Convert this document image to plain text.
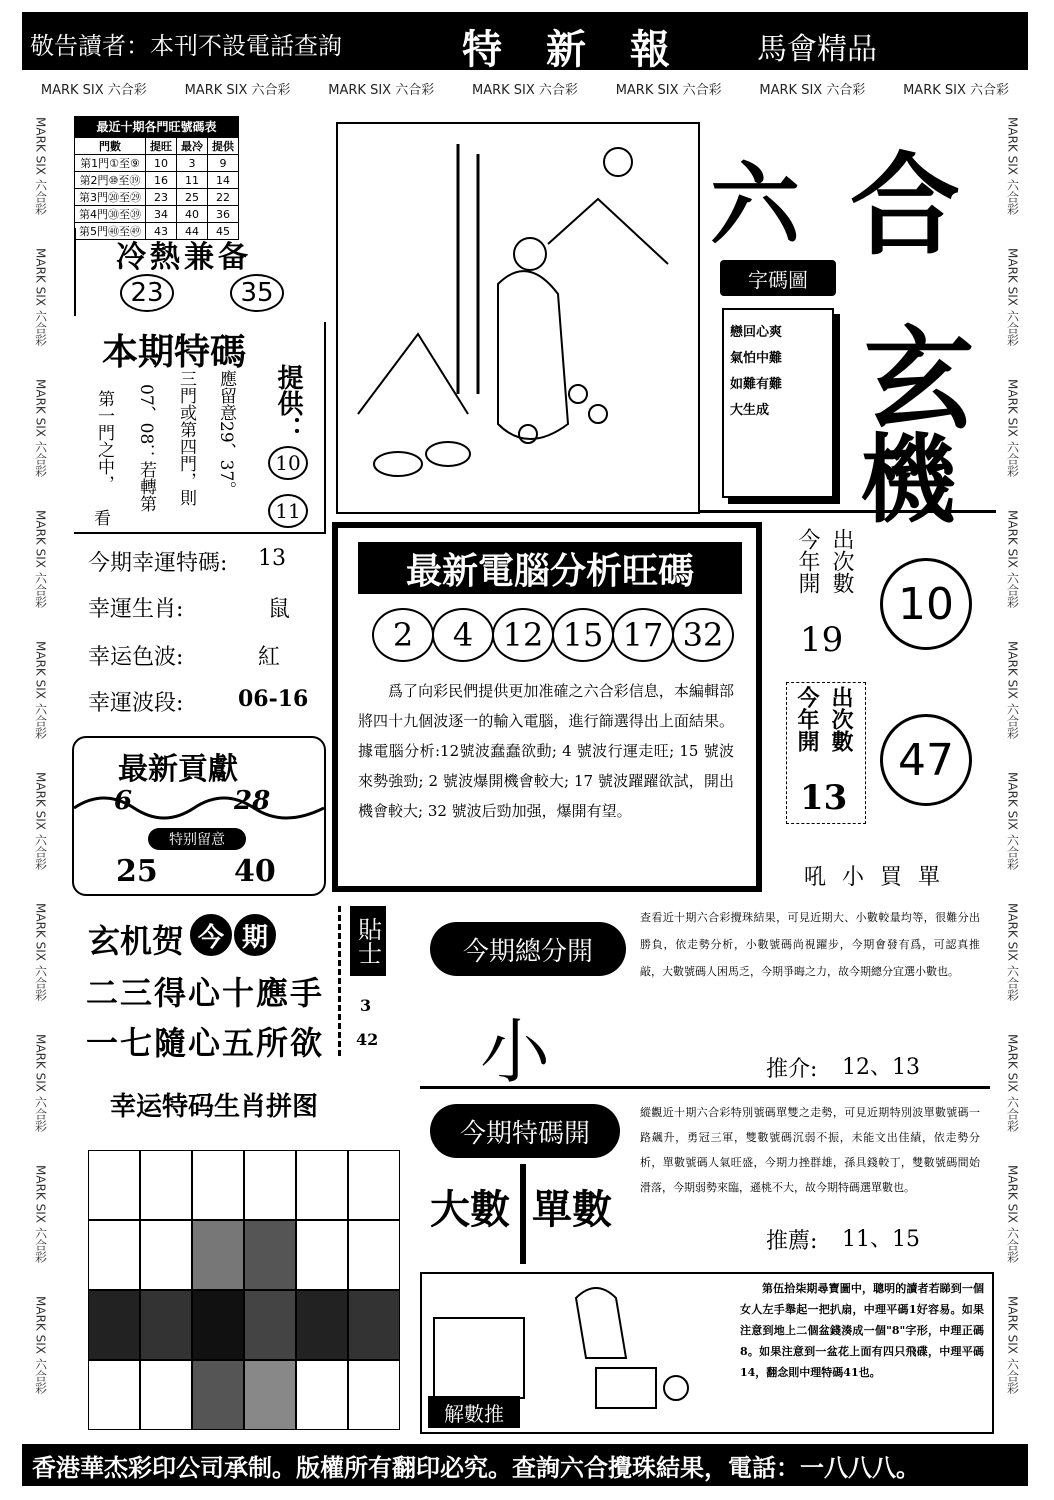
敬告讀者：本刊不設電話查詢	特新報 馬會精品
MARK SIX 六合彩	MARK SIX 六合彩	MARK SIX 六合彩	MARK SIX 六合彩	MARK SIX 六合彩	MARK SIX 六合彩	MARK SIX 六合彩
MARK SIX 六合彩
MARK SIX 六合彩
MARK SIX 六合彩
MARK SIX 六合彩
MARK SIX 六合彩
MARK SIX 六合彩
MARK SIX 六合彩
MARK SIX 六合彩
MARK SIX 六合彩
MARK SIX 六合彩
MARK SIX 六合彩
MARK SIX 六合彩
MARK SIX 六合彩
MARK SIX 六合彩
MARK SIX 六合彩
MARK SIX 六合彩
MARK SIX 六合彩
MARK SIX 六合彩
MARK SIX 六合彩
MARK SIX 六合彩
最近十期各門旺號碼表
門數	提旺	最冷	提供
第1門①至⑨	10	3	9
第2門⑩至⑲	16	11	14
第3門⑳至㉙	23	25	22
第4門㉚至㊴	34	40	36
第5門㊵至㊾	43	44	45
冷熱兼备
23	35
本期特碼
第一門之中，
看
07、08：若轉第 三門或第四門，則 應留意29、37。 提供：
10
11
今期幸運特碼: 13
幸運生肖:	鼠
幸运色波:	紅
幸運波段: 06-16
最新貢獻
6	28
特别留意
25	40
玄机贺 今 期
二三得心十應手
一七隨心五所欲
貼士
3
42
幸运特码生肖拼图
六 合
玄
機
字碼圖
戀回心爽
氣怕中難
如難有難
大生成
最新電腦分析旺碼
2	4 12 15 17 32
爲了向彩民們提供更加准確之六合彩信息，本編輯部將四十九個波逐一的輸入電腦，進行篩選得出上面結果。據電腦分析:12號波蠢蠢欲動; 4 號波行運走旺; 15 號波來勢強勁; 2 號波爆開機會較大; 17 號波躍躍欲試，開出機會較大; 32 號波后勁加强，爆開有望。
今年開 出次數
19
10
今年開 出次數
13
47
吼小買單
今期總分開
小
查看近十期六合彩攪珠結果，可見近期大、小數較量均等，很難分出勝負，依走勢分析，小數號碼尚視躍步，今期會發有爲，可認真推敲，大數號碼人困馬乏，今期爭晦之力，故今期總分宜選小數也。
推介: 12、13
今期特碼開
大數 單數
縱觀近十期六合彩特別號碼單雙之走勢，可見近期特別波單數號碼一路飆升，勇冠三軍，雙數號碼沉弱不振，未能文出佳績，依走勢分析，單數號碼人氣旺盛，今期力挫群雄，孫具錢較丁，雙數號碼間始滑落，今期弱勢來臨，遜桃不大，故今期特碼選單數也。
推薦: 11、15
解數推
第伍拾柒期尋寶圖中，聰明的讀者若睇到一個女人左手舉起一把扒扇，中理平碼1好容易。如果注意到地上二個盆錢湊成一個"8"字形，中理正碼8。如果注意到一盆花上面有四只飛碟，中理平碼14，翻念則中理特碼41也。
香港華杰彩印公司承制。版權所有翻印必究。查詢六合攪珠結果，電話：一八八八。
